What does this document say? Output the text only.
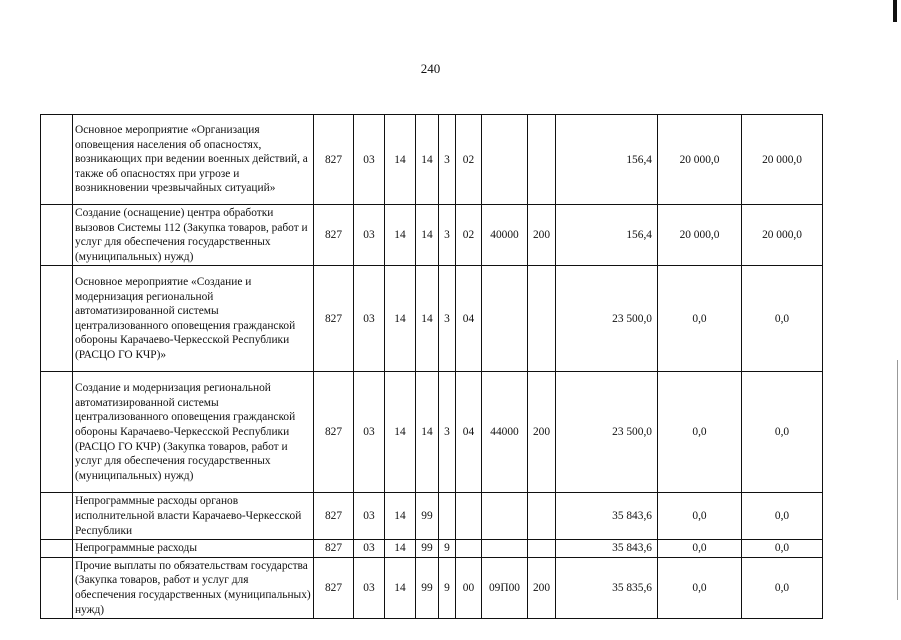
240
	Основное мероприятие «Организация оповещения населения об опасностях, возникающих при ведении военных действий, а также об опасностях при угрозе и возникновении чрезвычайных ситуаций»	827	03	14	14	3	02			156,4	20 000,0	20 000,0
	Создание (оснащение) центра обработки вызовов Системы 112 (Закупка товаров, работ и услуг для обеспечения государственных (муниципальных) нужд)	827	03	14	14	3	02	40000	200	156,4	20 000,0	20 000,0
	Основное мероприятие «Создание и модернизация региональной автоматизированной системы централизованного оповещения гражданской обороны Карачаево-Черкесской Республики (РАСЦО ГО КЧР)»	827	03	14	14	3	04			23 500,0	0,0	0,0
	Создание и модернизация региональной автоматизированной системы централизованного оповещения гражданской обороны Карачаево-Черкесской Республики (РАСЦО ГО КЧР) (Закупка товаров, работ и услуг для обеспечения государственных (муниципальных) нужд)	827	03	14	14	3	04	44000	200	23 500,0	0,0	0,0
	Непрограммные расходы органов исполнительной власти Карачаево-Черкесской Республики	827	03	14	99					35 843,6	0,0	0,0
	Непрограммные расходы	827	03	14	99	9				35 843,6	0,0	0,0
	Прочие выплаты по обязательствам государства (Закупка товаров, работ и услуг для обеспечения государственных (муниципальных) нужд)	827	03	14	99	9	00	09П00	200	35 835,6	0,0	0,0
